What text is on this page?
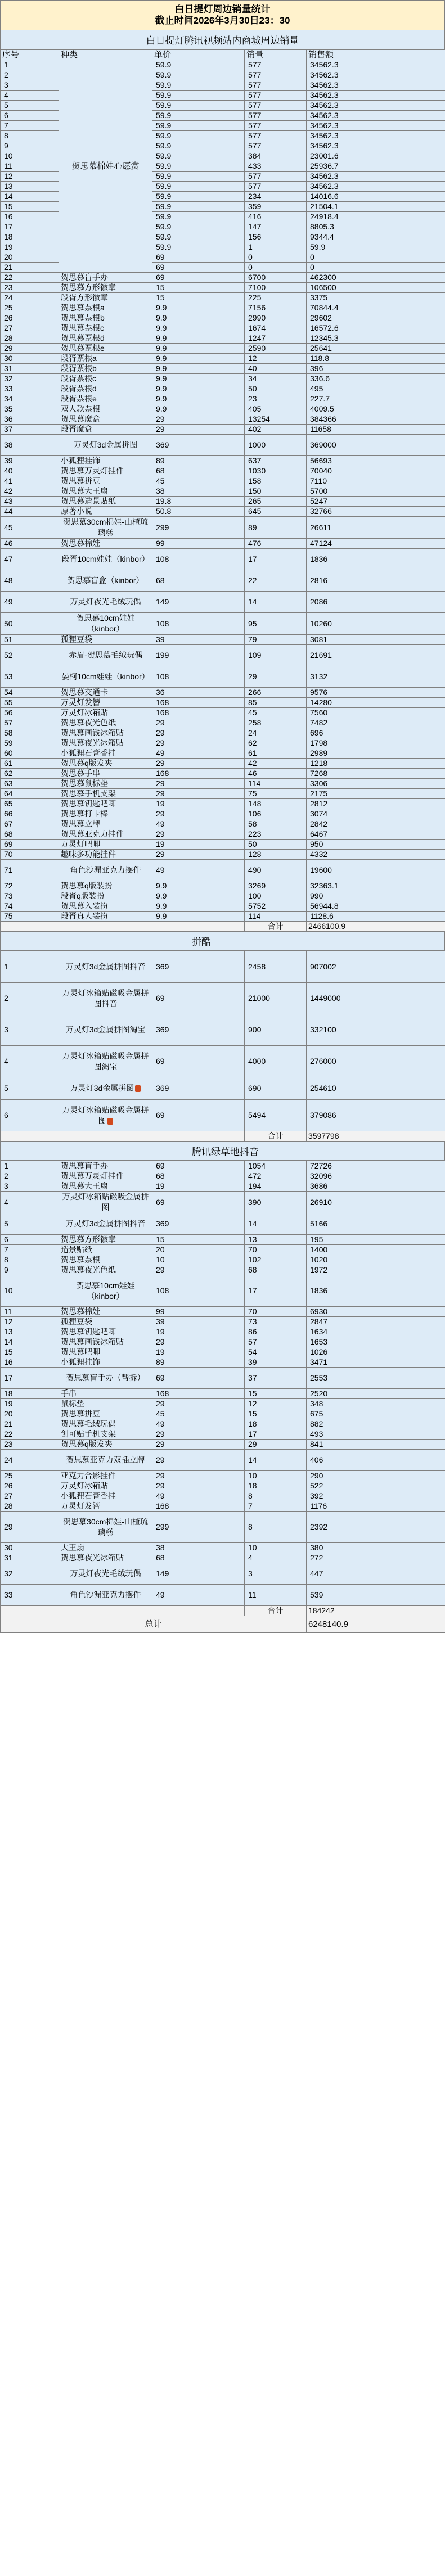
白日提灯周边销量统计
截止时间2026年3月30日23：30
白日提灯腾讯视频站内商城周边销量
序号	种类	单价	销量	销售额
1	贺思慕棉娃心愿赏	59.9	577	34562.3
2		59.9	577	34562.3
3		59.9	577	34562.3
4		59.9	577	34562.3
5		59.9	577	34562.3
6		59.9	577	34562.3
7		59.9	577	34562.3
8		59.9	577	34562.3
9		59.9	577	34562.3
10		59.9	384	23001.6
11		59.9	433	25936.7
12		59.9	577	34562.3
13		59.9	577	34562.3
14		59.9	234	14016.6
15		59.9	359	21504.1
16		59.9	416	24918.4
17		59.9	147	8805.3
18		59.9	156	9344.4
19		59.9	1	59.9
20		69	0	0
21		69	0	0
22	贺思慕盲手办	69	6700	462300
23	贺思慕方形徽章	15	7100	106500
24	段胥方形徽章	15	225	3375
25	贺思慕票根a	9.9	7156	70844.4
26	贺思慕票根b	9.9	2990	29602
27	贺思慕票根c	9.9	1674	16572.6
28	贺思慕票根d	9.9	1247	12345.3
29	贺思慕票根e	9.9	2590	25641
30	段胥票根a	9.9	12	118.8
31	段胥票根b	9.9	40	396
32	段胥票根c	9.9	34	336.6
33	段胥票根d	9.9	50	495
34	段胥票根e	9.9	23	227.7
35	双人款票根	9.9	405	4009.5
36	贺思慕魔盒	29	13254	384366
37	段胥魔盒	29	402	11658
38	万灵灯3d金属拼图	369	1000	369000
39	小狐狸挂饰	89	637	56693
40	贺思慕万灵灯挂件	68	1030	70040
41	贺思慕拼豆	45	158	7110
42	贺思慕大王扇	38	150	5700
43	贺思慕造景贴纸	19.8	265	5247
44	原著小说	50.8	645	32766
45	贺思慕30cm棉娃-山楂琉璃糕	299	89	26611
46	贺思慕棉娃	99	476	47124
47	段胥10cm娃娃（kinbor）	108	17	1836
48	贺思慕盲盒（kinbor）	68	22	2816
49	万灵灯夜光毛绒玩偶	149	14	2086
50	贺思慕10cm娃娃（kinbor）	108	95	10260
51	狐狸豆袋	39	79	3081
52	赤眉-贺思慕毛绒玩偶	199	109	21691
53	晏柯10cm娃娃（kinbor）	108	29	3132
54	贺思慕交通卡	36	266	9576
55	万灵灯发簪	168	85	14280
56	万灵灯冰箱贴	168	45	7560
57	贺思慕夜光色纸	29	258	7482
58	贺思慕画钱冰箱贴	29	24	696
59	贺思慕夜光冰箱贴	29	62	1798
60	小狐狸石膏香挂	49	61	2989
61	贺思慕q版发夹	29	42	1218
62	贺思慕手串	168	46	7268
63	贺思慕鼠标垫	29	114	3306
64	贺思慕手机支架	29	75	2175
65	贺思慕钥匙吧唧	19	148	2812
66	贺思慕打卡棒	29	106	3074
67	贺思慕立牌	49	58	2842
68	贺思慕亚克力挂件	29	223	6467
69	万灵灯吧唧	19	50	950
70	趣味多功能挂件	29	128	4332
71	角色沙漏亚克力摆件	49	490	19600
72	贺思慕q版装扮	9.9	3269	32363.1
73	段胥q版装扮	9.9	100	990
74	贺思慕入装扮	9.9	5752	56944.8
75	段胥真人装扮	9.9	114	1128.6
			合计	2466100.9
拼酷
1	万灵灯3d金属拼图抖音	369	2458	907002
2	万灵灯冰箱贴磁吸金属拼图抖音	69	21000	1449000
3	万灵灯3d金属拼图淘宝	369	900	332100
4	万灵灯冰箱贴磁吸金属拼图淘宝	69	4000	276000
5	万灵灯3d金属拼图	369	690	254610
6	万灵灯冰箱贴磁吸金属拼图	69	5494	379086
			合计	3597798
腾讯绿草地抖音
1	贺思慕盲手办	69	1054	72726
2	贺思慕万灵灯挂件	68	472	32096
3	贺思慕大王扇	19	194	3686
4	万灵灯冰箱贴磁吸金属拼图	69	390	26910
5	万灵灯3d金属拼图抖音	369	14	5166
6	贺思慕方形徽章	15	13	195
7	造景贴纸	20	70	1400
8	贺思慕票根	10	102	1020
9	贺思慕夜光色纸	29	68	1972
10	贺思慕10cm娃娃（kinbor）	108	17	1836
11	贺思慕棉娃	99	70	6930
12	狐狸豆袋	39	73	2847
13	贺思慕钥匙吧唧	19	86	1634
14	贺思慕画钱冰箱贴	29	57	1653
15	贺思慕吧唧	19	54	1026
16	小狐狸挂饰	89	39	3471
17	贺思慕盲手办（帮拆）	69	37	2553
18	手串	168	15	2520
19	鼠标垫	29	12	348
20	贺思慕拼豆	45	15	675
21	贺思慕毛绒玩偶	49	18	882
22	创可贴手机支架	29	17	493
23	贺思慕q版发夹	29	29	841
24	贺思慕亚克力双插立牌	29	14	406
25	亚克力合影挂件	29	10	290
26	万灵灯冰箱贴	29	18	522
27	小狐狸石膏香挂	49	8	392
28	万灵灯发簪	168	7	1176
29	贺思慕30cm棉娃-山楂琉璃糕	299	8	2392
30	大王扇	38	10	380
31	贺思慕夜光冰箱贴	68	4	272
32	万灵灯夜光毛绒玩偶	149	3	447
33	角色沙漏亚克力摆件	49	11	539
			合计	184242
总计				6248140.9
